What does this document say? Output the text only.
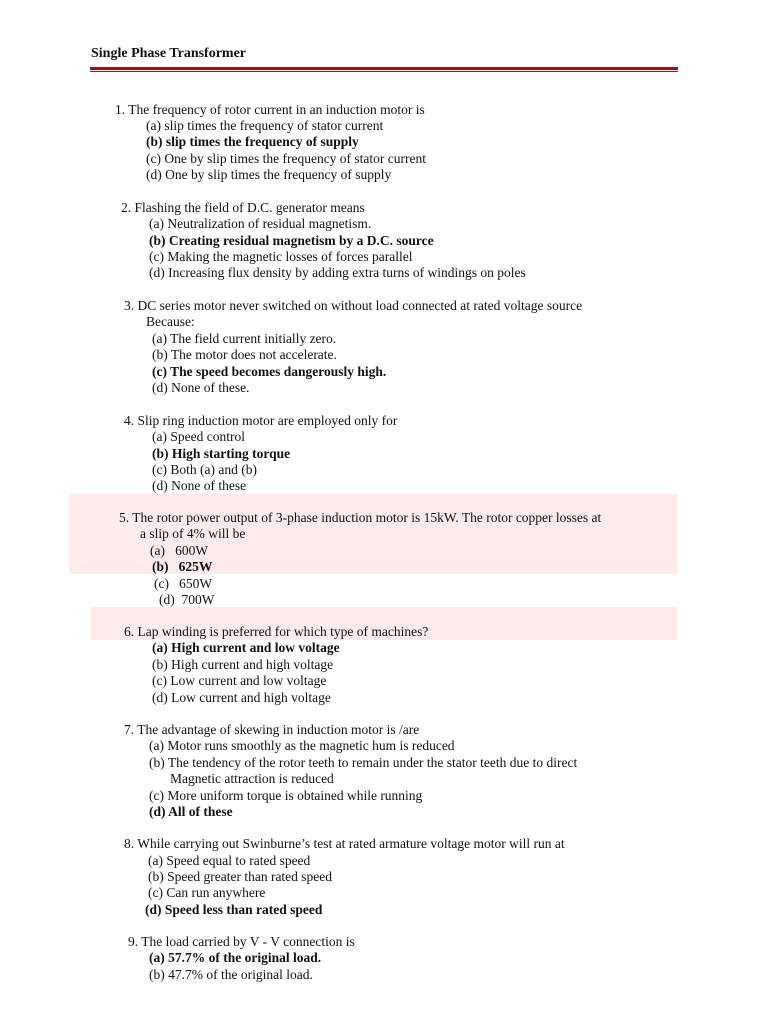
Single Phase Transformer
1. The frequency of rotor current in an induction motor is
(a) slip times the frequency of stator current
(b) slip times the frequency of supply
(c) One by slip times the frequency of stator current
(d) One by slip times the frequency of supply
2. Flashing the field of D.C. generator means
(a) Neutralization of residual magnetism.
(b) Creating residual magnetism by a D.C. source
(c) Making the magnetic losses of forces parallel
(d) Increasing flux density by adding extra turns of windings on poles
3. DC series motor never switched on without load connected at rated voltage source
Because:
(a) The field current initially zero.
(b) The motor does not accelerate.
(c) The speed becomes dangerously high.
(d) None of these.
4. Slip ring induction motor are employed only for
(a) Speed control
(b) High starting torque
(c) Both (a) and (b)
(d) None of these
5. The rotor power output of 3-phase induction motor is 15kW. The rotor copper losses at
a slip of 4% will be
(a)   600W
(b)   625W
(c)   650W
(d)  700W
6. Lap winding is preferred for which type of machines?
(a) High current and low voltage
(b) High current and high voltage
(c) Low current and low voltage
(d) Low current and high voltage
7. The advantage of skewing in induction motor is /are
(a) Motor runs smoothly as the magnetic hum is reduced
(b) The tendency of the rotor teeth to remain under the stator teeth due to direct
Magnetic attraction is reduced
(c) More uniform torque is obtained while running
(d) All of these
8. While carrying out Swinburne’s test at rated armature voltage motor will run at
(a) Speed equal to rated speed
(b) Speed greater than rated speed
(c) Can run anywhere
(d) Speed less than rated speed
9. The load carried by V - V connection is
(a) 57.7% of the original load.
(b) 47.7% of the original load.
